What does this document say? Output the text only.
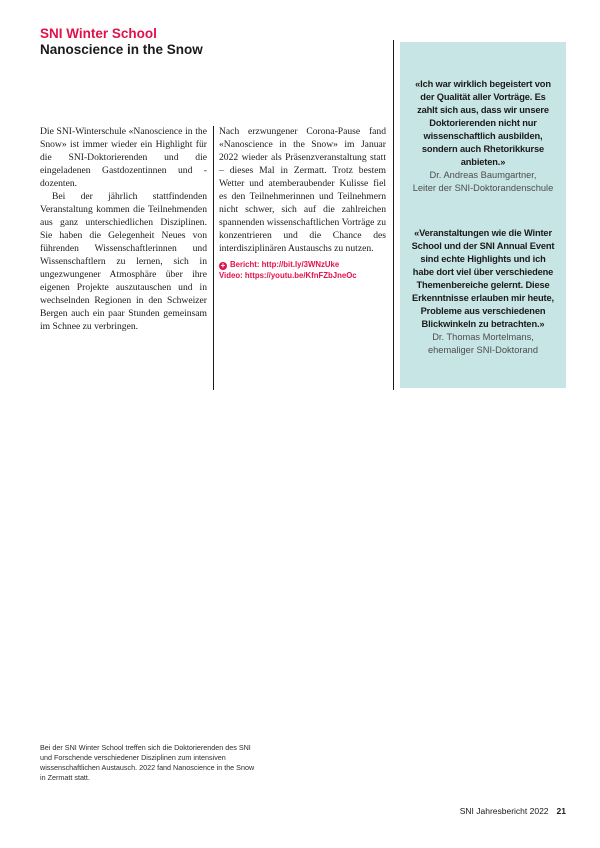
SNI Winter School
Nanoscience in the Snow

Die SNI-Winterschule «Nanoscience in the Snow» ist immer wieder ein Highlight für die SNI-Doktorierenden und die eingeladenen Gastdozentinnen und -dozenten.

Bei der jährlich stattfindenden Veranstaltung kommen die Teilnehmenden aus ganz unterschiedlichen Disziplinen. Sie haben die Gelegenheit Neues von führenden Wissenschaftlerinnen und Wissenschaftlern zu lernen, sich in ungezwungener Atmosphäre über ihre eigenen Projekte auszutauschen und in wechselnden Regionen in den Schweizer Bergen auch ein paar Stunden gemeinsam im Schnee zu verbringen.

Nach erzwungener Corona-Pause fand «Nanoscience in the Snow» im Januar 2022 wieder als Präsenzveranstaltung statt – dieses Mal in Zermatt. Trotz bestem Wetter und atemberaubender Kulisse fiel es den Teilnehmerinnen und Teilnehmern nicht schwer, sich auf die zahlreichen spannenden wissenschaftlichen Vorträge zu konzentrieren und die Chance des interdisziplinären Austauschs zu nutzen.

+ Bericht: http://bit.ly/3WNzUke
Video: https://youtu.be/KfnFZbJneOc

«Ich war wirklich begeistert von der Qualität aller Vorträge. Es zahlt sich aus, dass wir unsere Doktorierenden nicht nur wissenschaftlich ausbilden, sondern auch Rhetorikkurse anbieten.»

Dr. Andreas Baumgartner,

Leiter der SNI-Doktorandenschule

«Veranstaltungen wie die Winter School und der SNI Annual Event sind echte Highlights und ich habe dort viel über verschiedene Themenbereiche gelernt. Diese Erkenntnisse erlauben mir heute, Probleme aus verschiedenen Blickwinkeln zu betrachten.»

Dr. Thomas Mortelmans,

ehemaliger SNI-Doktorand

Bei der SNI Winter School treffen sich die Doktorierenden des SNI und Forschende verschiedener Disziplinen zum intensiven wissenschaftlichen Austausch. 2022 fand Nanoscience in the Snow in Zermatt statt.
SNI Jahresbericht 2022 21
